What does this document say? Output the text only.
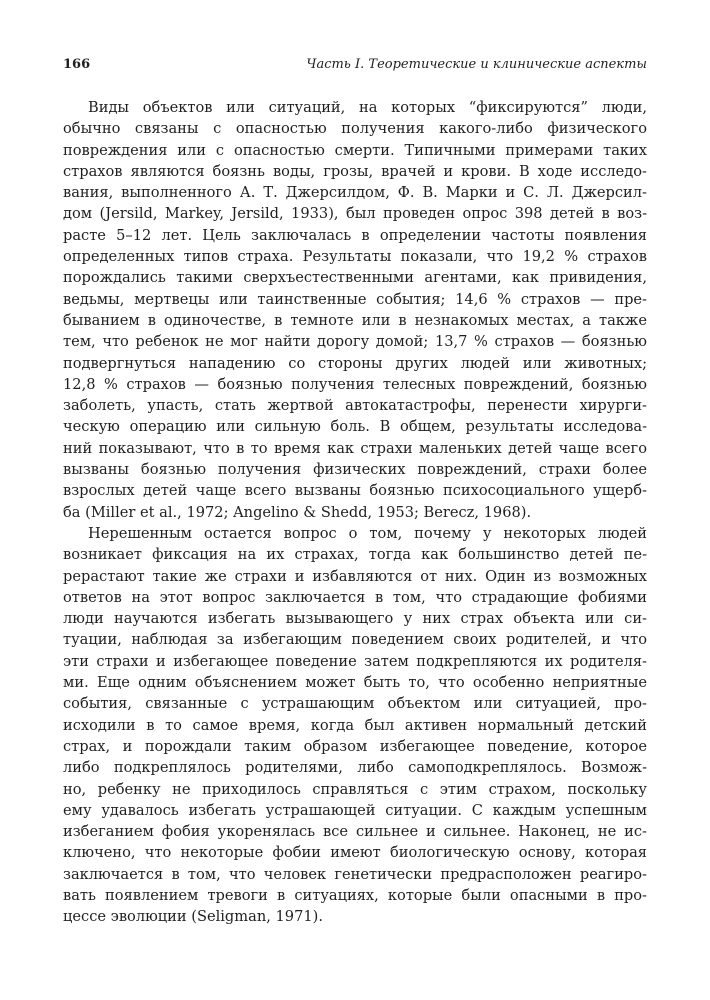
166	Часть I. Теоретические и клинические аспекты
Виды объектов или ситуаций, на которых “фиксируются” люди,
обычно связаны с опасностью получения какого-либо физического
повреждения или с опасностью смерти. Типичными примерами таких
страхов являются боязнь воды, грозы, врачей и крови. В ходе исследо-
вания, выполненного А. Т. Джерсилдом, Ф. В. Марки и С. Л. Джерсил-
дом (Jersild, Markey, Jersild, 1933), был проведен опрос 398 детей в воз-
расте 5–12 лет. Цель заключалась в определении частоты появления
определенных типов страха. Результаты показали, что 19,2 % страхов
порождались такими сверхъестественными агентами, как привидения,
ведьмы, мертвецы или таинственные события; 14,6 % страхов — пре-
быванием в одиночестве, в темноте или в незнакомых местах, а также
тем, что ребенок не мог найти дорогу домой; 13,7 % страхов — боязнью
подвергнуться нападению со стороны других людей или животных;
12,8 % страхов — боязнью получения телесных повреждений, боязнью
заболеть, упасть, стать жертвой автокатастрофы, перенести хирурги-
ческую операцию или сильную боль. В общем, результаты исследова-
ний показывают, что в то время как страхи маленьких детей чаще всего
вызваны боязнью получения физических повреждений, страхи более
взрослых детей чаще всего вызваны боязнью психосоциального ущерб-
ба (Miller et al., 1972; Angelino & Shedd, 1953; Berecz, 1968).
Нерешенным остается вопрос о том, почему у некоторых людей
возникает фиксация на их страхах, тогда как большинство детей пе-
рерастают такие же страхи и избавляются от них. Один из возможных
ответов на этот вопрос заключается в том, что страдающие фобиями
люди научаются избегать вызывающего у них страх объекта или си-
туации, наблюдая за избегающим поведением своих родителей, и что
эти страхи и избегающее поведение затем подкрепляются их родителя-
ми. Еще одним объяснением может быть то, что особенно неприятные
события, связанные с устрашающим объектом или ситуацией, про-
исходили в то самое время, когда был активен нормальный детский
страх, и порождали таким образом избегающее поведение, которое
либо подкреплялось родителями, либо самоподкреплялось. Возмож-
но, ребенку не приходилось справляться с этим страхом, поскольку
ему удавалось избегать устрашающей ситуации. С каждым успешным
избеганием фобия укоренялась все сильнее и сильнее. Наконец, не ис-
ключено, что некоторые фобии имеют биологическую основу, которая
заключается в том, что человек генетически предрасположен реагиро-
вать появлением тревоги в ситуациях, которые были опасными в про-
цессе эволюции (Seligman, 1971).
